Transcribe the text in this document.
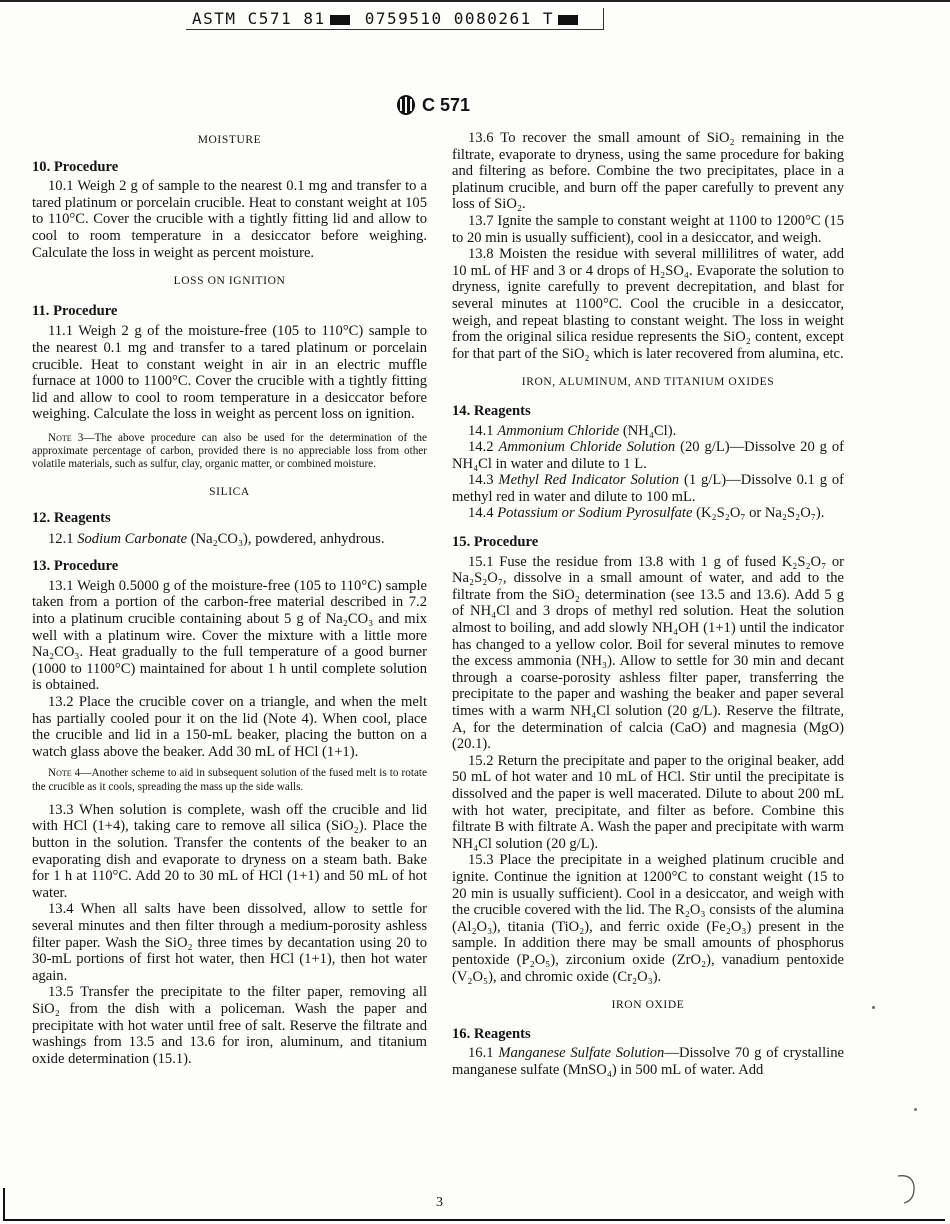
ASTM C571 81 0759510 0080261 T
C 571
MOISTURE
10. Procedure

10.1 Weigh 2 g of sample to the nearest 0.1 mg and transfer to a tared platinum or porcelain crucible. Heat to constant weight at 105 to 110°C. Cover the crucible with a tightly fitting lid and allow to cool to room temperature in a desiccator before weighing. Calculate the loss in weight as percent moisture.

LOSS ON IGNITION
11. Procedure

11.1 Weigh 2 g of the moisture-free (105 to 110°C) sample to the nearest 0.1 mg and transfer to a tared platinum or porcelain crucible. Heat to constant weight in air in an electric muffle furnace at 1000 to 1100°C. Cover the crucible with a tightly fitting lid and allow to cool to room temperature in a desiccator before weighing. Calculate the loss in weight as percent loss on ignition.

Note 3—The above procedure can also be used for the determination of the approximate percentage of carbon, provided there is no appreciable loss from other volatile materials, such as sulfur, clay, organic matter, or combined moisture.

SILICA
12. Reagents

12.1 Sodium Carbonate (Na₂CO₃), powdered, anhydrous.

13. Procedure

13.1 Weigh 0.5000 g of the moisture-free (105 to 110°C) sample taken from a portion of the carbon-free material described in 7.2 into a platinum crucible containing about 5 g of Na₂CO₃ and mix well with a platinum wire. Cover the mixture with a little more Na₂CO₃. Heat gradually to the full temperature of a good burner (1000 to 1100°C) maintained for about 1 h until complete solution is obtained.

13.2 Place the crucible cover on a triangle, and when the melt has partially cooled pour it on the lid (Note 4). When cool, place the crucible and lid in a 150-mL beaker, placing the button on a watch glass above the beaker. Add 30 mL of HCl (1+1).

Note 4—Another scheme to aid in subsequent solution of the fused melt is to rotate the crucible as it cools, spreading the mass up the side walls.

13.3 When solution is complete, wash off the crucible and lid with HCl (1+4), taking care to remove all silica (SiO₂). Place the button in the solution. Transfer the contents of the beaker to an evaporating dish and evaporate to dryness on a steam bath. Bake for 1 h at 110°C. Add 20 to 30 mL of HCl (1+1) and 50 mL of hot water.

13.4 When all salts have been dissolved, allow to settle for several minutes and then filter through a medium-porosity ashless filter paper. Wash the SiO₂ three times by decantation using 20 to 30-mL portions of first hot water, then HCl (1+1), then hot water again.

13.5 Transfer the precipitate to the filter paper, removing all SiO₂ from the dish with a policeman. Wash the paper and precipitate with hot water until free of salt. Reserve the filtrate and washings from 13.5 and 13.6 for iron, aluminum, and titanium oxide determination (15.1).

13.6 To recover the small amount of SiO₂ remaining in the filtrate, evaporate to dryness, using the same procedure for baking and filtering as before. Combine the two precipitates, place in a platinum crucible, and burn off the paper carefully to prevent any loss of SiO₂.

13.7 Ignite the sample to constant weight at 1100 to 1200°C (15 to 20 min is usually sufficient), cool in a desiccator, and weigh.

13.8 Moisten the residue with several millilitres of water, add 10 mL of HF and 3 or 4 drops of H₂SO₄. Evaporate the solution to dryness, ignite carefully to prevent decrepitation, and blast for several minutes at 1100°C. Cool the crucible in a desiccator, weigh, and repeat blasting to constant weight. The loss in weight from the original silica residue represents the SiO₂ content, except for that part of the SiO₂ which is later recovered from alumina, etc.

IRON, ALUMINUM, AND TITANIUM OXIDES
14. Reagents

14.1 Ammonium Chloride (NH₄Cl).

14.2 Ammonium Chloride Solution (20 g/L)—Dissolve 20 g of NH₄Cl in water and dilute to 1 L.

14.3 Methyl Red Indicator Solution (1 g/L)—Dissolve 0.1 g of methyl red in water and dilute to 100 mL.

14.4 Potassium or Sodium Pyrosulfate (K₂S₂O₇ or Na₂S₂O₇).

15. Procedure

15.1 Fuse the residue from 13.8 with 1 g of fused K₂S₂O₇ or Na₂S₂O₇, dissolve in a small amount of water, and add to the filtrate from the SiO₂ determination (see 13.5 and 13.6). Add 5 g of NH₄Cl and 3 drops of methyl red solution. Heat the solution almost to boiling, and add slowly NH₄OH (1+1) until the indicator has changed to a yellow color. Boil for several minutes to remove the excess ammonia (NH₃). Allow to settle for 30 min and decant through a coarse-porosity ashless filter paper, transferring the precipitate to the paper and washing the beaker and paper several times with a warm NH₄Cl solution (20 g/L). Reserve the filtrate, A, for the determination of calcia (CaO) and magnesia (MgO) (20.1).

15.2 Return the precipitate and paper to the original beaker, add 50 mL of hot water and 10 mL of HCl. Stir until the precipitate is dissolved and the paper is well macerated. Dilute to about 200 mL with hot water, precipitate, and filter as before. Combine this filtrate B with filtrate A. Wash the paper and precipitate with warm NH₄Cl solution (20 g/L).

15.3 Place the precipitate in a weighed platinum crucible and ignite. Continue the ignition at 1200°C to constant weight (15 to 20 min is usually sufficient). Cool in a desiccator, and weigh with the crucible covered with the lid. The R₂O₃ consists of the alumina (Al₂O₃), titania (TiO₂), and ferric oxide (Fe₂O₃) present in the sample. In addition there may be small amounts of phosphorus pentoxide (P₂O₅), zirconium oxide (ZrO₂), vanadium pentoxide (V₂O₅), and chromic oxide (Cr₂O₃).

IRON OXIDE
16. Reagents

16.1 Manganese Sulfate Solution—Dissolve 70 g of crystalline manganese sulfate (MnSO₄) in 500 mL of water. Add

3
